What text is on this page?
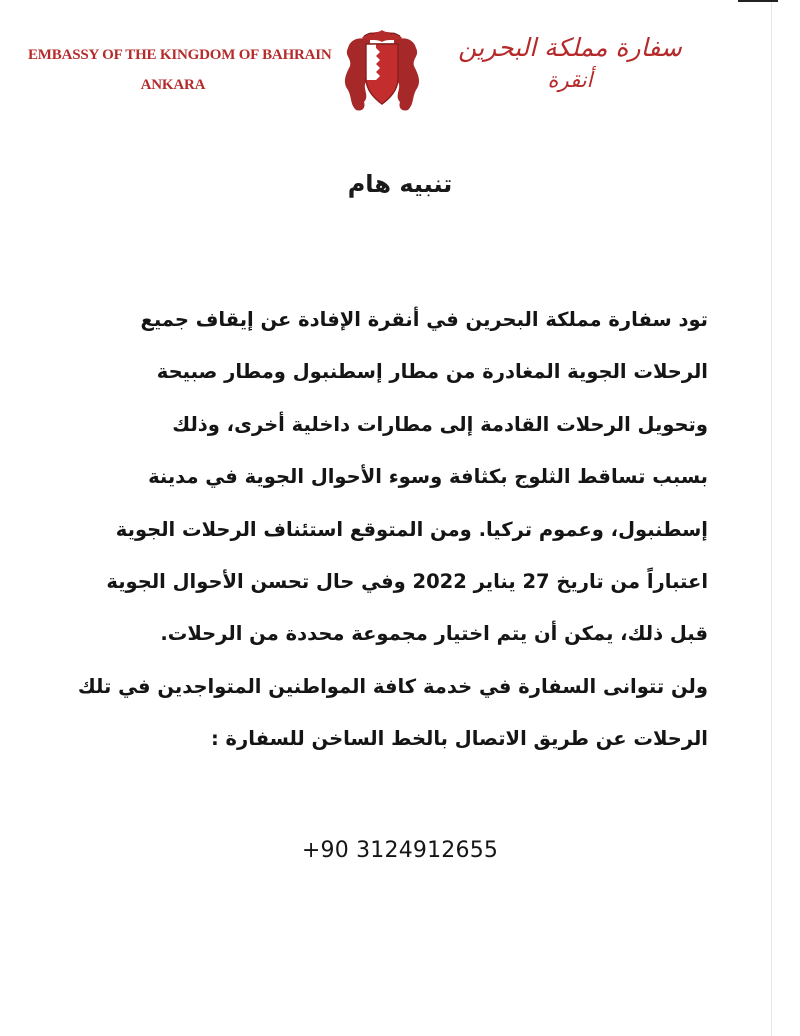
EMBASSY OF THE KINGDOM OF BAHRAIN
ANKARA
سفارة مملكة البحرين
أنقرة
تنبيه هام
تود سفارة مملكة البحرين في أنقرة الإفادة عن إيقاف جميع
الرحلات الجوية المغادرة من مطار إسطنبول ومطار صبيحة
وتحويل الرحلات القادمة إلى مطارات داخلية أخرى، وذلك
بسبب تساقط الثلوج بكثافة وسوء الأحوال الجوية في مدينة
إسطنبول، وعموم تركيا. ومن المتوقع استئناف الرحلات الجوية
اعتباراً من تاريخ 27 يناير 2022 وفي حال تحسن الأحوال الجوية
قبل ذلك، يمكن أن يتم اختيار مجموعة محددة من الرحلات.
ولن تتوانى السفارة في خدمة كافة المواطنين المتواجدين في تلك
الرحلات عن طريق الاتصال بالخط الساخن للسفارة :
+90 3124912655
